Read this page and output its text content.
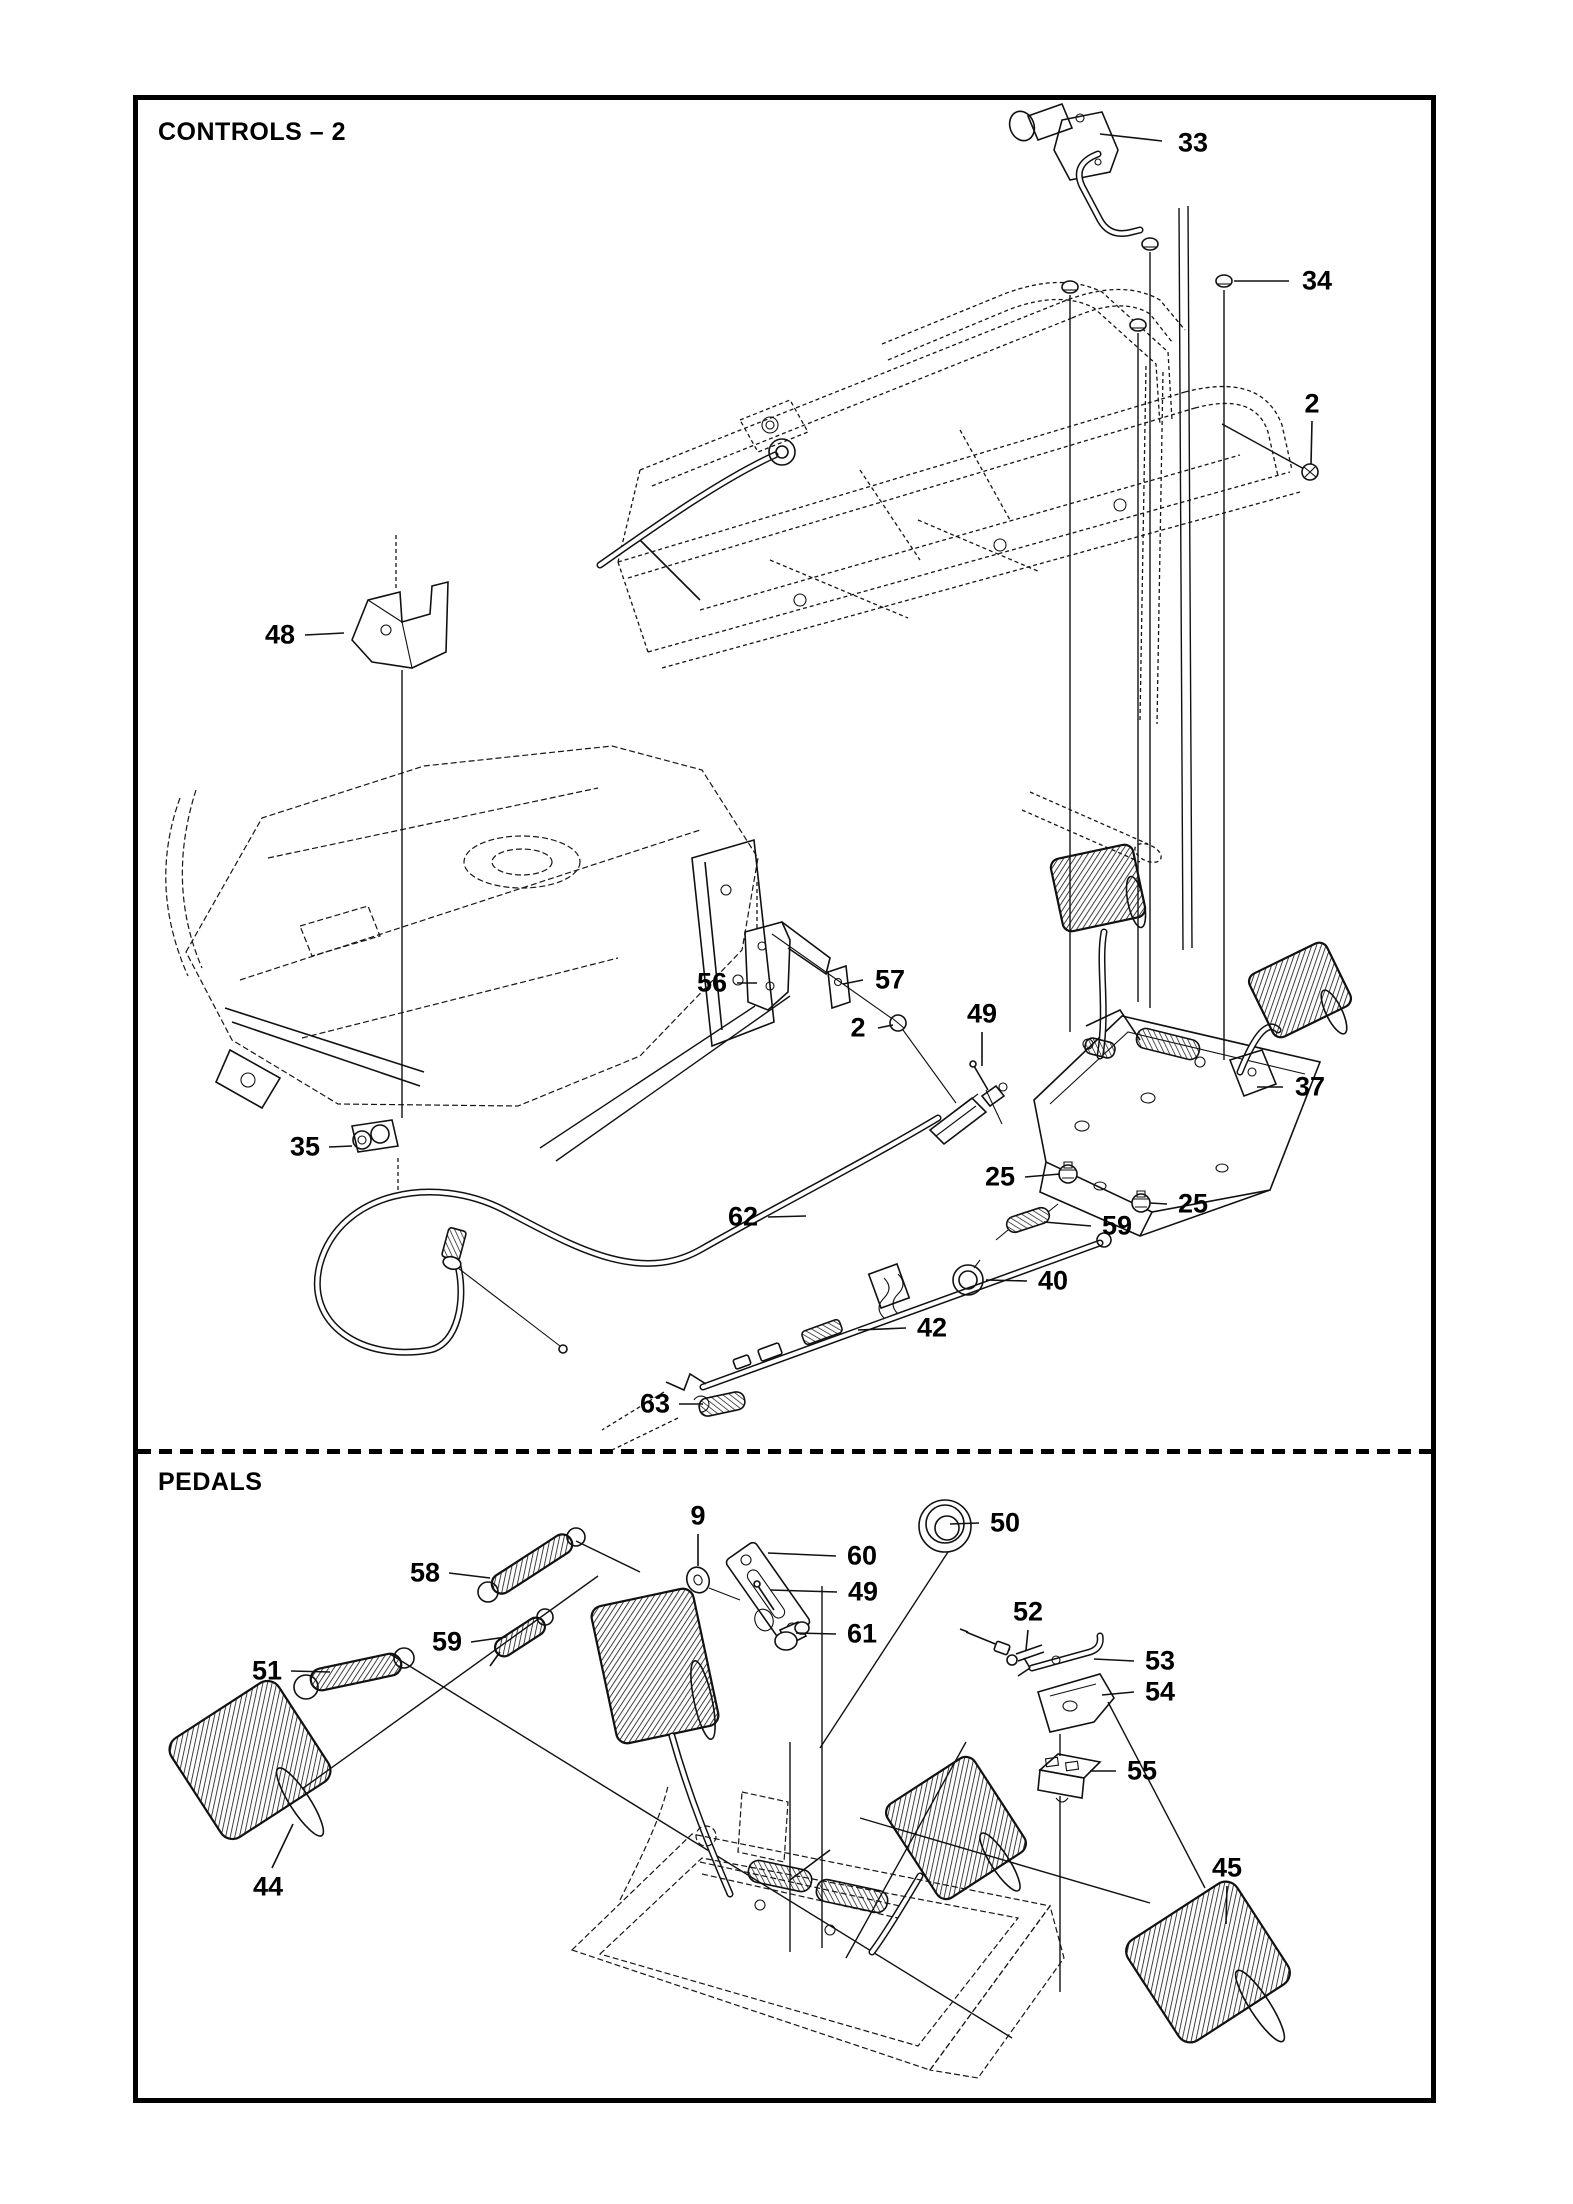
CONTROLS – 2
PEDALS
33
34
2
48
56	57
2	49
37
25
25
59
62
40
42
63
35
9	50
60
49
61
58
59
51
52
53
54
55
44
45
